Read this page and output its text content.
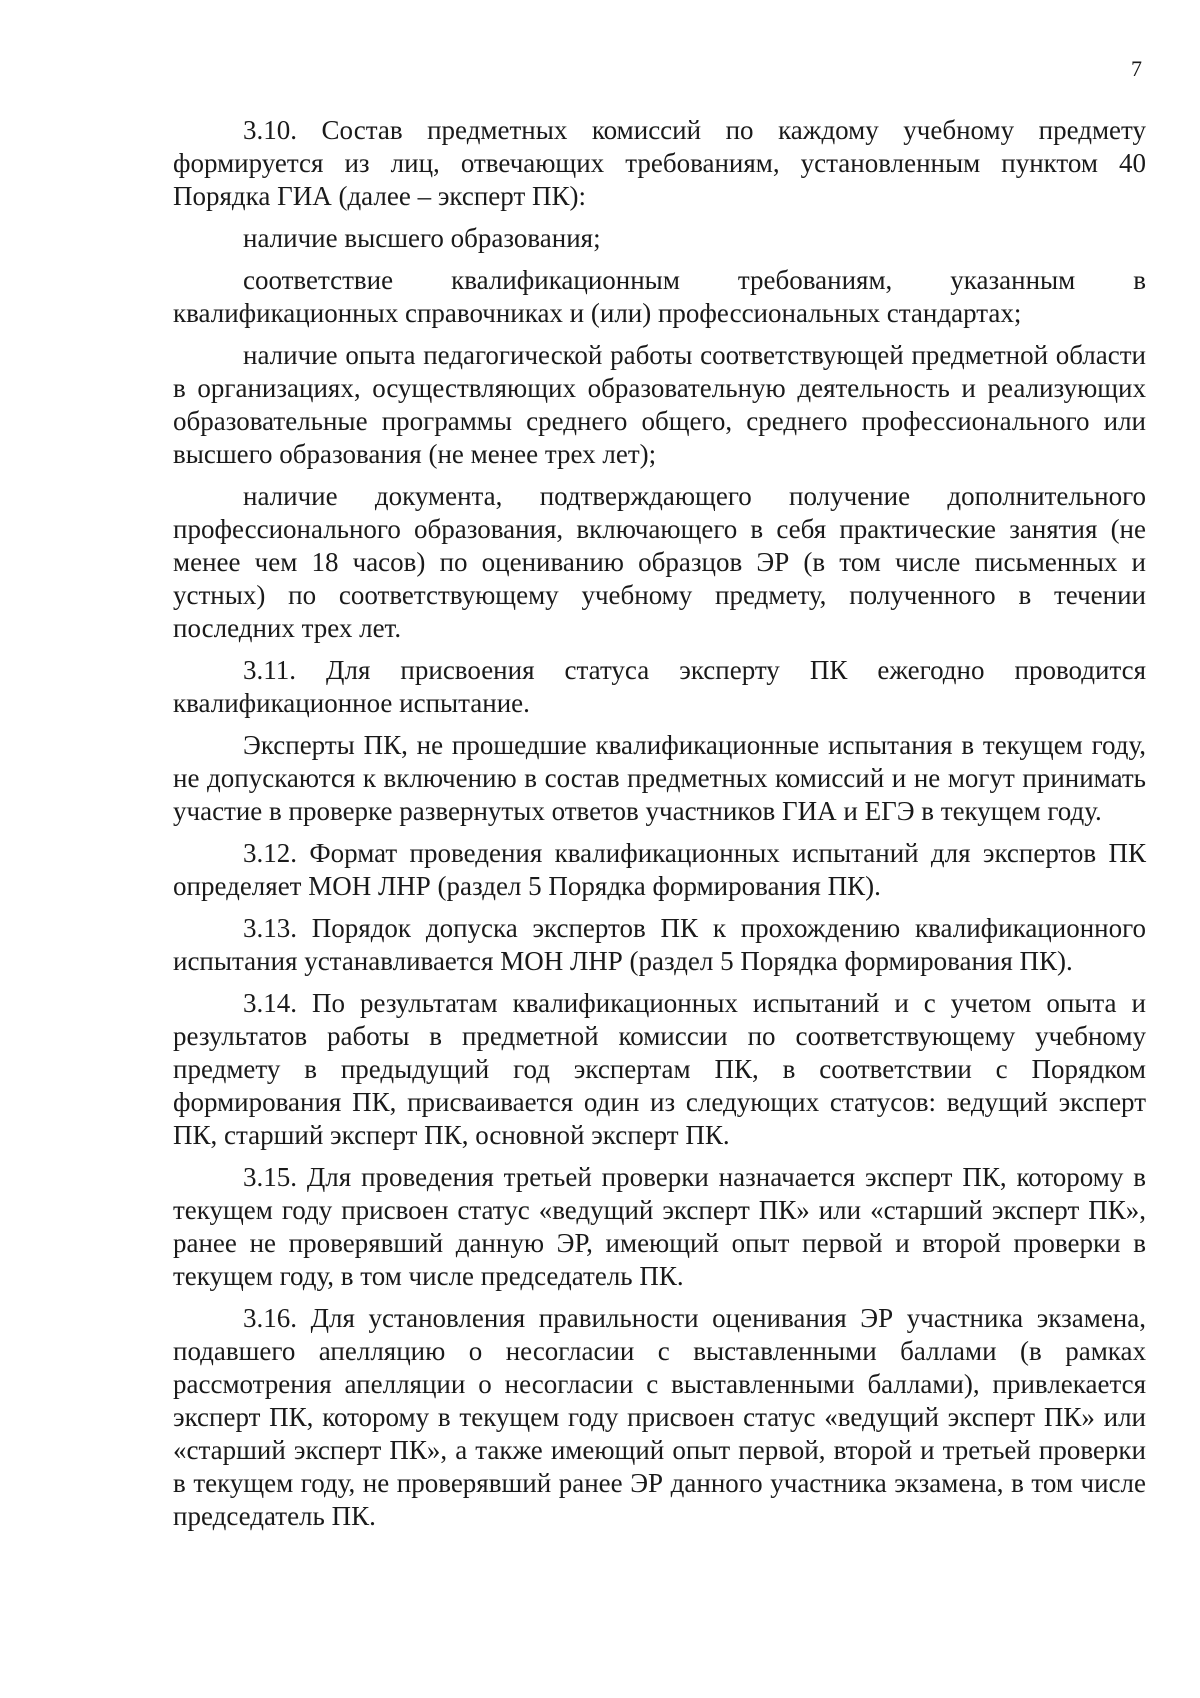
7

3.10. Состав предметных комиссий по каждому учебному предмету формируется из лиц, отвечающих требованиям, установленным пунктом 40 Порядка ГИА (далее – эксперт ПК):

наличие высшего образования;

соответствие квалификационным требованиям, указанным в квалификационных справочниках и (или) профессиональных стандартах;

наличие опыта педагогической работы соответствующей предметной области в организациях, осуществляющих образовательную деятельность и реализующих образовательные программы среднего общего, среднего профессионального или высшего образования (не менее трех лет);

наличие документа, подтверждающего получение дополнительного профессионального образования, включающего в себя практические занятия (не менее чем 18 часов) по оцениванию образцов ЭР (в том числе письменных и устных) по соответствующему учебному предмету, полученного в течении последних трех лет.

3.11. Для присвоения статуса эксперту ПК ежегодно проводится квалификационное испытание.

Эксперты ПК, не прошедшие квалификационные испытания в текущем году, не допускаются к включению в состав предметных комиссий и не могут принимать участие в проверке развернутых ответов участников ГИА и ЕГЭ в текущем году.

3.12. Формат проведения квалификационных испытаний для экспертов ПК определяет МОН ЛНР (раздел 5 Порядка формирования ПК).

3.13. Порядок допуска экспертов ПК к прохождению квалификационного испытания устанавливается МОН ЛНР (раздел 5 Порядка формирования ПК).

3.14. По результатам квалификационных испытаний и с учетом опыта и результатов работы в предметной комиссии по соответствующему учебному предмету в предыдущий год экспертам ПК, в соответствии с Порядком формирования ПК, присваивается один из следующих статусов: ведущий эксперт ПК, старший эксперт ПК, основной эксперт ПК.

3.15. Для проведения третьей проверки назначается эксперт ПК, которому в текущем году присвоен статус «ведущий эксперт ПК» или «старший эксперт ПК», ранее не проверявший данную ЭР, имеющий опыт первой и второй проверки в текущем году, в том числе председатель ПК.

3.16. Для установления правильности оценивания ЭР участника экзамена, подавшего апелляцию о несогласии с выставленными баллами (в рамках рассмотрения апелляции о несогласии с выставленными баллами), привлекается эксперт ПК, которому в текущем году присвоен статус «ведущий эксперт ПК» или «старший эксперт ПК», а также имеющий опыт первой, второй и третьей проверки в текущем году, не проверявший ранее ЭР данного участника экзамена, в том числе председатель ПК.
